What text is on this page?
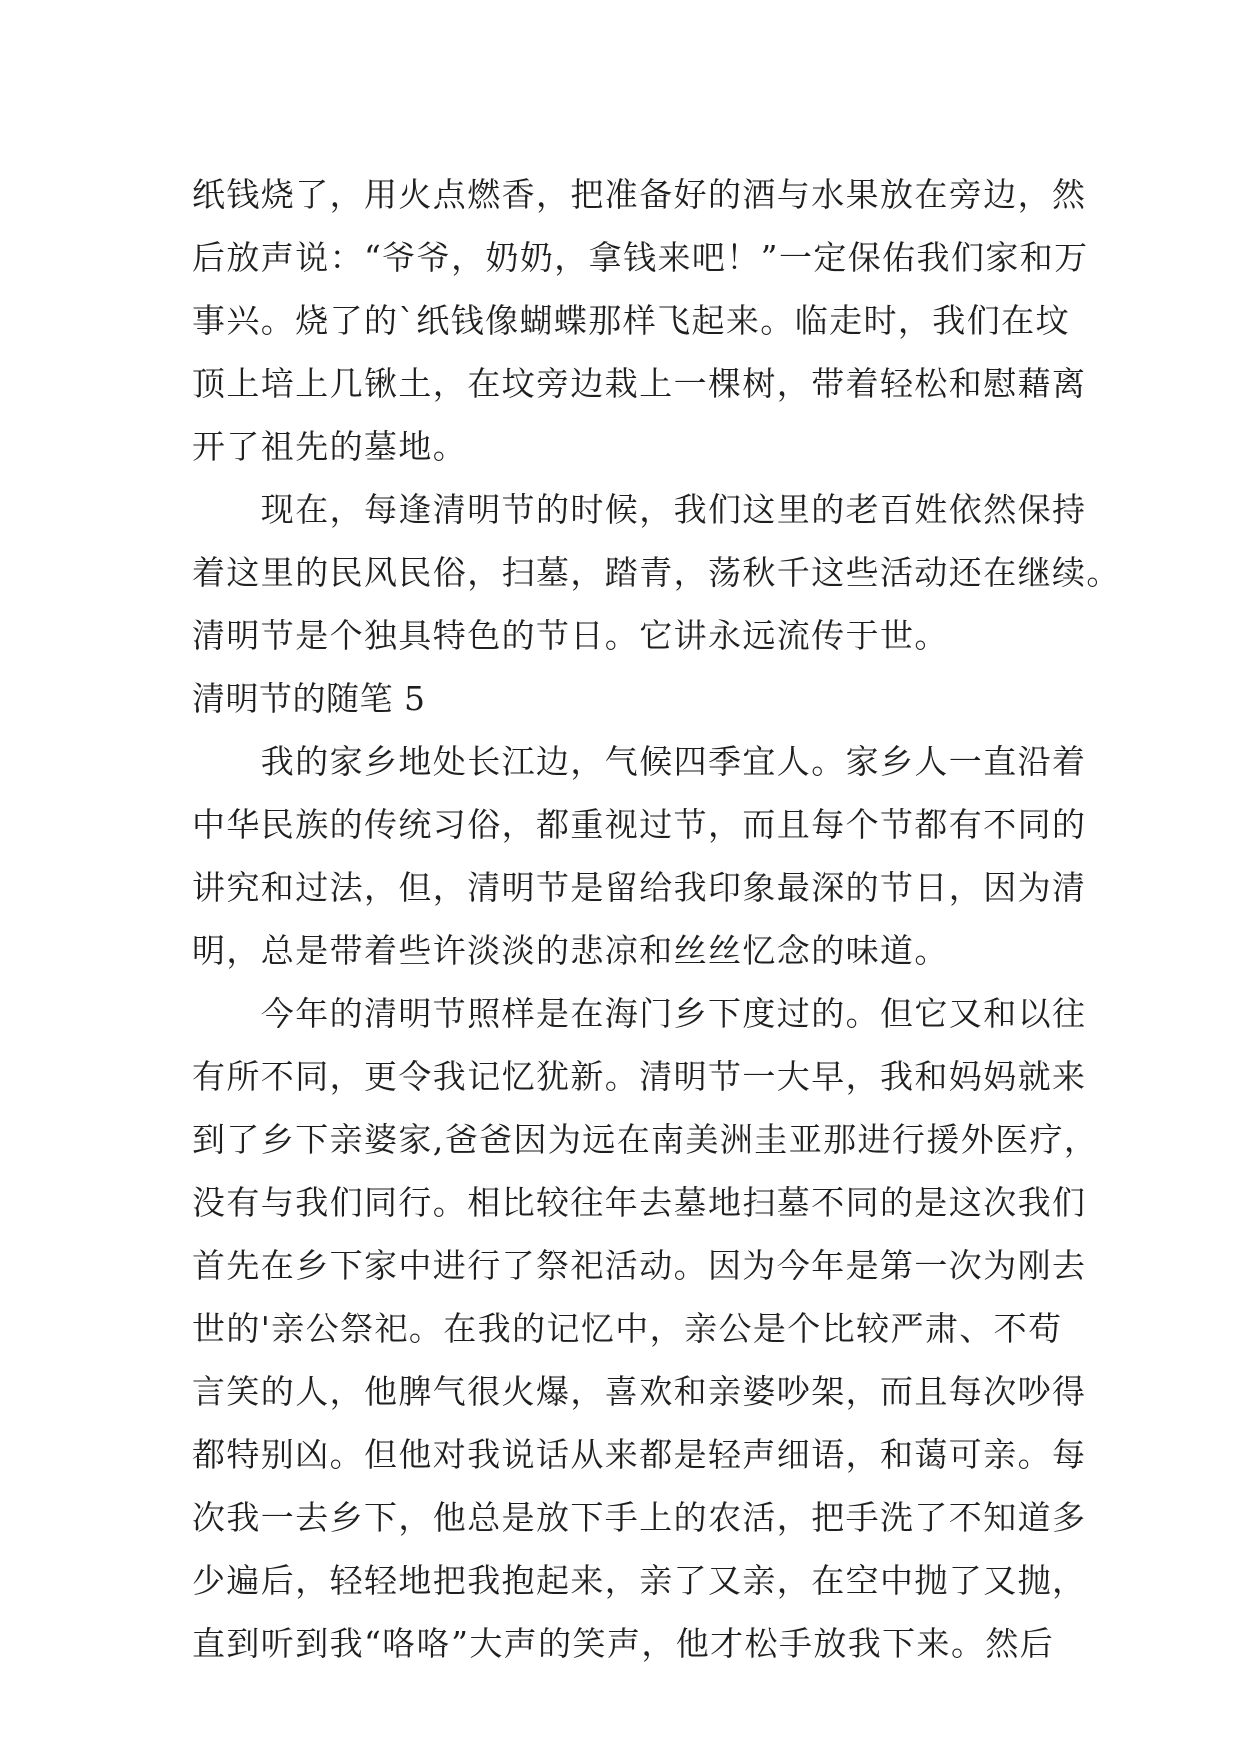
纸钱烧了，用火点燃香，把准备好的酒与水果放在旁边，然
后放声说：“爷爷，奶奶，拿钱来吧！”一定保佑我们家和万
事兴。烧了的`纸钱像蝴蝶那样飞起来。临走时，我们在坟
顶上培上几锹土，在坟旁边栽上一棵树，带着轻松和慰藉离
开了祖先的墓地。
　　现在，每逢清明节的时候，我们这里的老百姓依然保持
着这里的民风民俗，扫墓，踏青，荡秋千这些活动还在继续。
清明节是个独具特色的节日。它讲永远流传于世。
清明节的随笔 5
　　我的家乡地处长江边，气候四季宜人。家乡人一直沿着
中华民族的传统习俗，都重视过节，而且每个节都有不同的
讲究和过法，但，清明节是留给我印象最深的节日，因为清
明，总是带着些许淡淡的悲凉和丝丝忆念的味道。
　　今年的清明节照样是在海门乡下度过的。但它又和以往
有所不同，更令我记忆犹新。清明节一大早，我和妈妈就来
到了乡下亲婆家,爸爸因为远在南美洲圭亚那进行援外医疗，
没有与我们同行。相比较往年去墓地扫墓不同的是这次我们
首先在乡下家中进行了祭祀活动。因为今年是第一次为刚去
世的'亲公祭祀。在我的记忆中，亲公是个比较严肃、不苟
言笑的人，他脾气很火爆，喜欢和亲婆吵架，而且每次吵得
都特别凶。但他对我说话从来都是轻声细语，和蔼可亲。每
次我一去乡下，他总是放下手上的农活，把手洗了不知道多
少遍后，轻轻地把我抱起来，亲了又亲，在空中抛了又抛，
直到听到我“咯咯”大声的笑声，他才松手放我下来。然后
